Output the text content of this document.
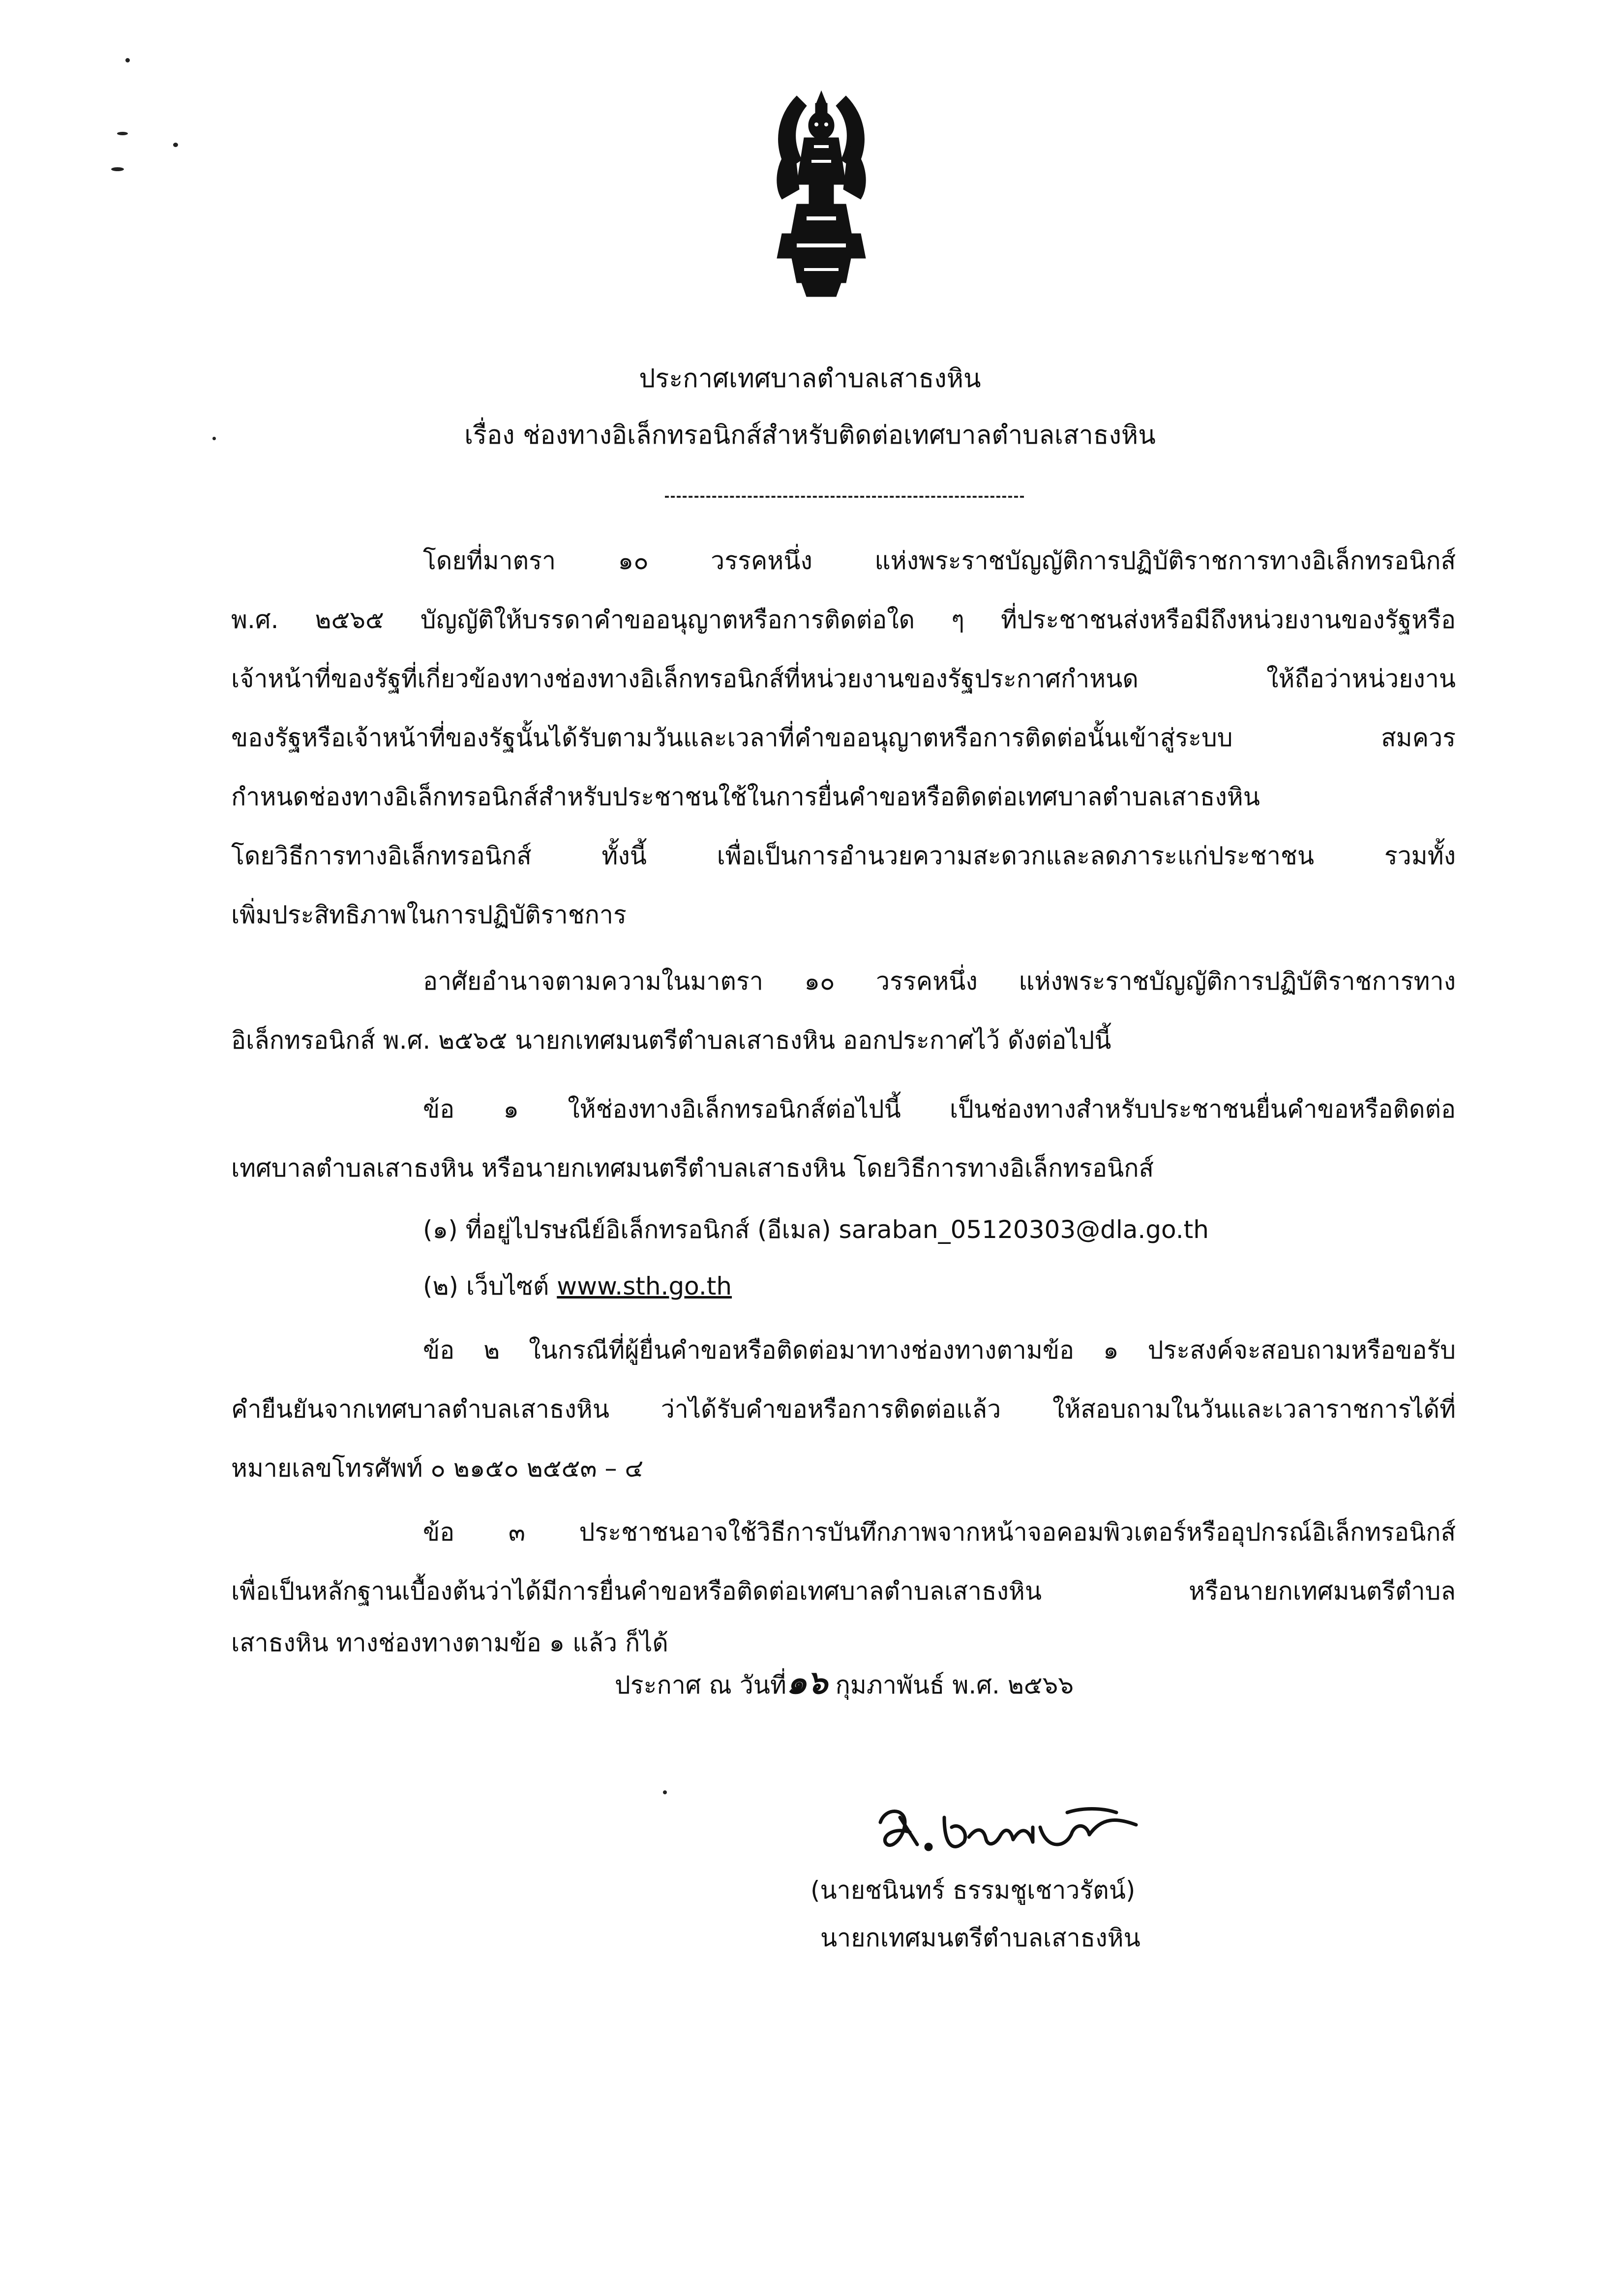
ประกาศเทศบาลตำบลเสาธงหิน
เรื่อง ช่องทางอิเล็กทรอนิกส์สำหรับติดต่อเทศบาลตำบลเสาธงหิน
โดยที่มาตรา ๑๐ วรรคหนึ่ง แห่งพระราชบัญญัติการปฏิบัติราชการทางอิเล็กทรอนิกส์
พ.ศ. ๒๕๖๕ บัญญัติให้บรรดาคำขออนุญาตหรือการติดต่อใด ๆ ที่ประชาชนส่งหรือมีถึงหน่วยงานของรัฐหรือ
เจ้าหน้าที่ของรัฐที่เกี่ยวข้องทางช่องทางอิเล็กทรอนิกส์ที่หน่วยงานของรัฐประกาศกำหนด ให้ถือว่าหน่วยงาน
ของรัฐหรือเจ้าหน้าที่ของรัฐนั้นได้รับตามวันและเวลาที่คำขออนุญาตหรือการติดต่อนั้นเข้าสู่ระบบ สมควร
กำหนดช่องทางอิเล็กทรอนิกส์สำหรับประชาชนใช้ในการยื่นคำขอหรือติดต่อเทศบาลตำบลเสาธงหิน
โดยวิธีการทางอิเล็กทรอนิกส์ ทั้งนี้ เพื่อเป็นการอำนวยความสะดวกและลดภาระแก่ประชาชน รวมทั้ง
เพิ่มประสิทธิภาพในการปฏิบัติราชการ
อาศัยอำนาจตามความในมาตรา ๑๐ วรรคหนึ่ง แห่งพระราชบัญญัติการปฏิบัติราชการทาง
อิเล็กทรอนิกส์ พ.ศ. ๒๕๖๕ นายกเทศมนตรีตำบลเสาธงหิน ออกประกาศไว้ ดังต่อไปนี้
ข้อ ๑ ให้ช่องทางอิเล็กทรอนิกส์ต่อไปนี้ เป็นช่องทางสำหรับประชาชนยื่นคำขอหรือติดต่อ
เทศบาลตำบลเสาธงหิน หรือนายกเทศมนตรีตำบลเสาธงหิน โดยวิธีการทางอิเล็กทรอนิกส์
(๑) ที่อยู่ไปรษณีย์อิเล็กทรอนิกส์ (อีเมล) saraban_05120303@dla.go.th
(๒) เว็บไซต์ www.sth.go.th
ข้อ ๒ ในกรณีที่ผู้ยื่นคำขอหรือติดต่อมาทางช่องทางตามข้อ ๑ ประสงค์จะสอบถามหรือขอรับ
คำยืนยันจากเทศบาลตำบลเสาธงหิน ว่าได้รับคำขอหรือการติดต่อแล้ว ให้สอบถามในวันและเวลาราชการได้ที่
หมายเลขโทรศัพท์ ๐ ๒๑๕๐ ๒๕๕๓ – ๔
ข้อ ๓ ประชาชนอาจใช้วิธีการบันทึกภาพจากหน้าจอคอมพิวเตอร์หรืออุปกรณ์อิเล็กทรอนิกส์
เพื่อเป็นหลักฐานเบื้องต้นว่าได้มีการยื่นคำขอหรือติดต่อเทศบาลตำบลเสาธงหิน หรือนายกเทศมนตรีตำบล
เสาธงหิน ทางช่องทางตามข้อ ๑ แล้ว ก็ได้
ประกาศ ณ วันที่๑๖ กุมภาพันธ์ พ.ศ. ๒๕๖๖
(นายชนินทร์ ธรรมชูเชาวรัตน์)
นายกเทศมนตรีตำบลเสาธงหิน
